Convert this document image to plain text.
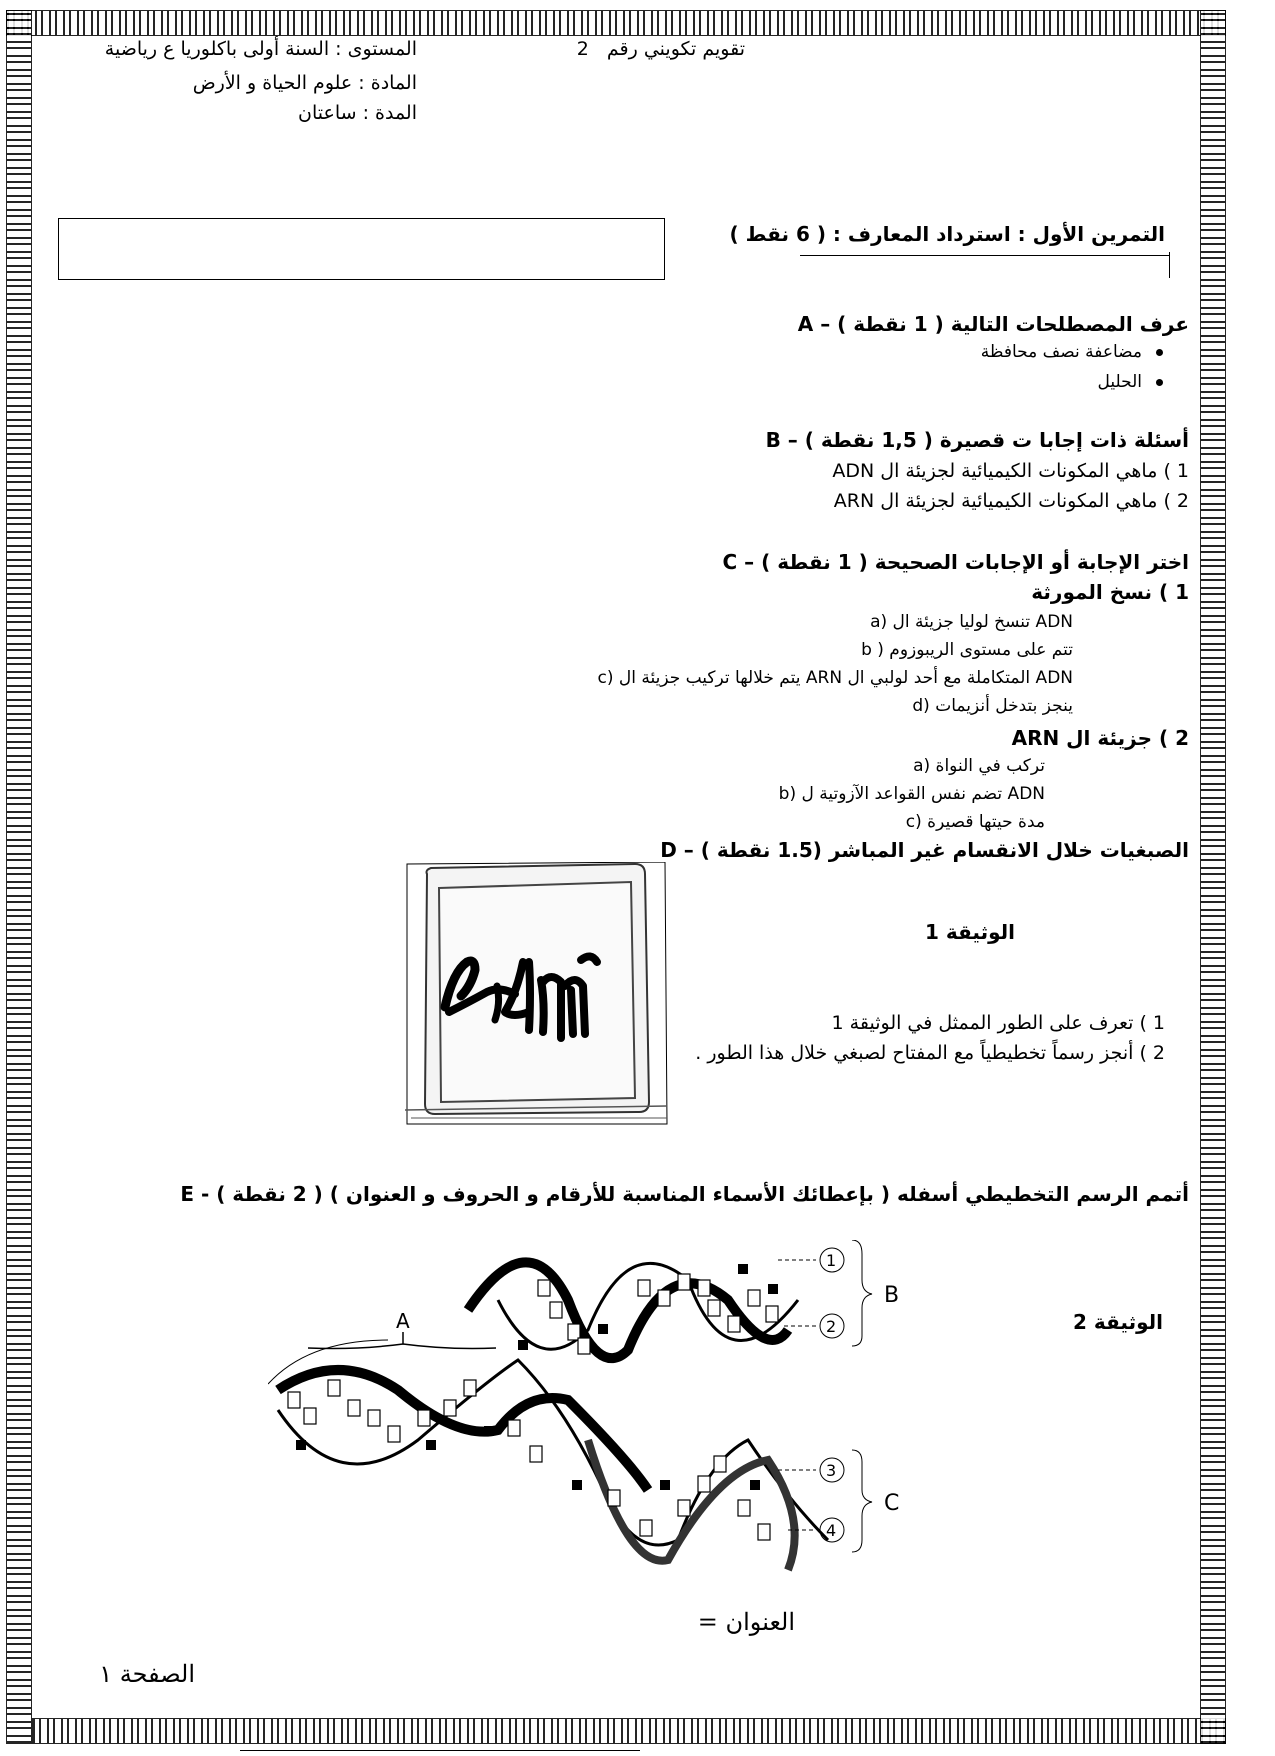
تقويم تكويني رقم   2
المستوى : السنة أولى باكلوريا ع رياضية
المادة : علوم الحياة و الأرض
المدة : ساعتان
التمرين الأول : استرداد المعارف : ( 6 نقط )
A – عرف المصطلحات التالية ( 1 نقطة )
مضاعفة نصف محافظة
الحليل
B – أسئلة ذات إجابا ت قصيرة ( 1,5 نقطة )
1 ) ماهي المكونات الكيميائية لجزيئة ال ADN
2 ) ماهي المكونات الكيميائية لجزيئة ال ARN
C – اختر الإجابة أو الإجابات الصحيحة ( 1 نقطة )
1 ) نسخ المورثة
a) تنسخ لوليا جزيئة ال ADN
b ) تتم على مستوى الريبوزوم
c) يتم خلالها تركيب جزيئة ال ARN المتكاملة مع أحد لولبي ال ADN
d) ينجز بتدخل أنزيمات
2 ) جزيئة ال ARN
a) تركب في النواة
b) تضم نفس القواعد الآزوتية ل ADN
c) مدة حيتها قصيرة
D – الصبغيات خلال الانقسام غير المباشر (1.5 نقطة )
الوثيقة 1
1 ) تعرف على الطور الممثل في الوثيقة 1
2 ) أنجز رسماً تخطيطياً مع المفتاح لصبغي خلال هذا الطور .
E - أتمم الرسم التخطيطي أسفله ( بإعطائك الأسماء المناسبة للأرقام و الحروف و العنوان ) ( 2 نقطة )
A
1
2
3
4
B
C
الوثيقة 2
العنوان =
الصفحة ١
